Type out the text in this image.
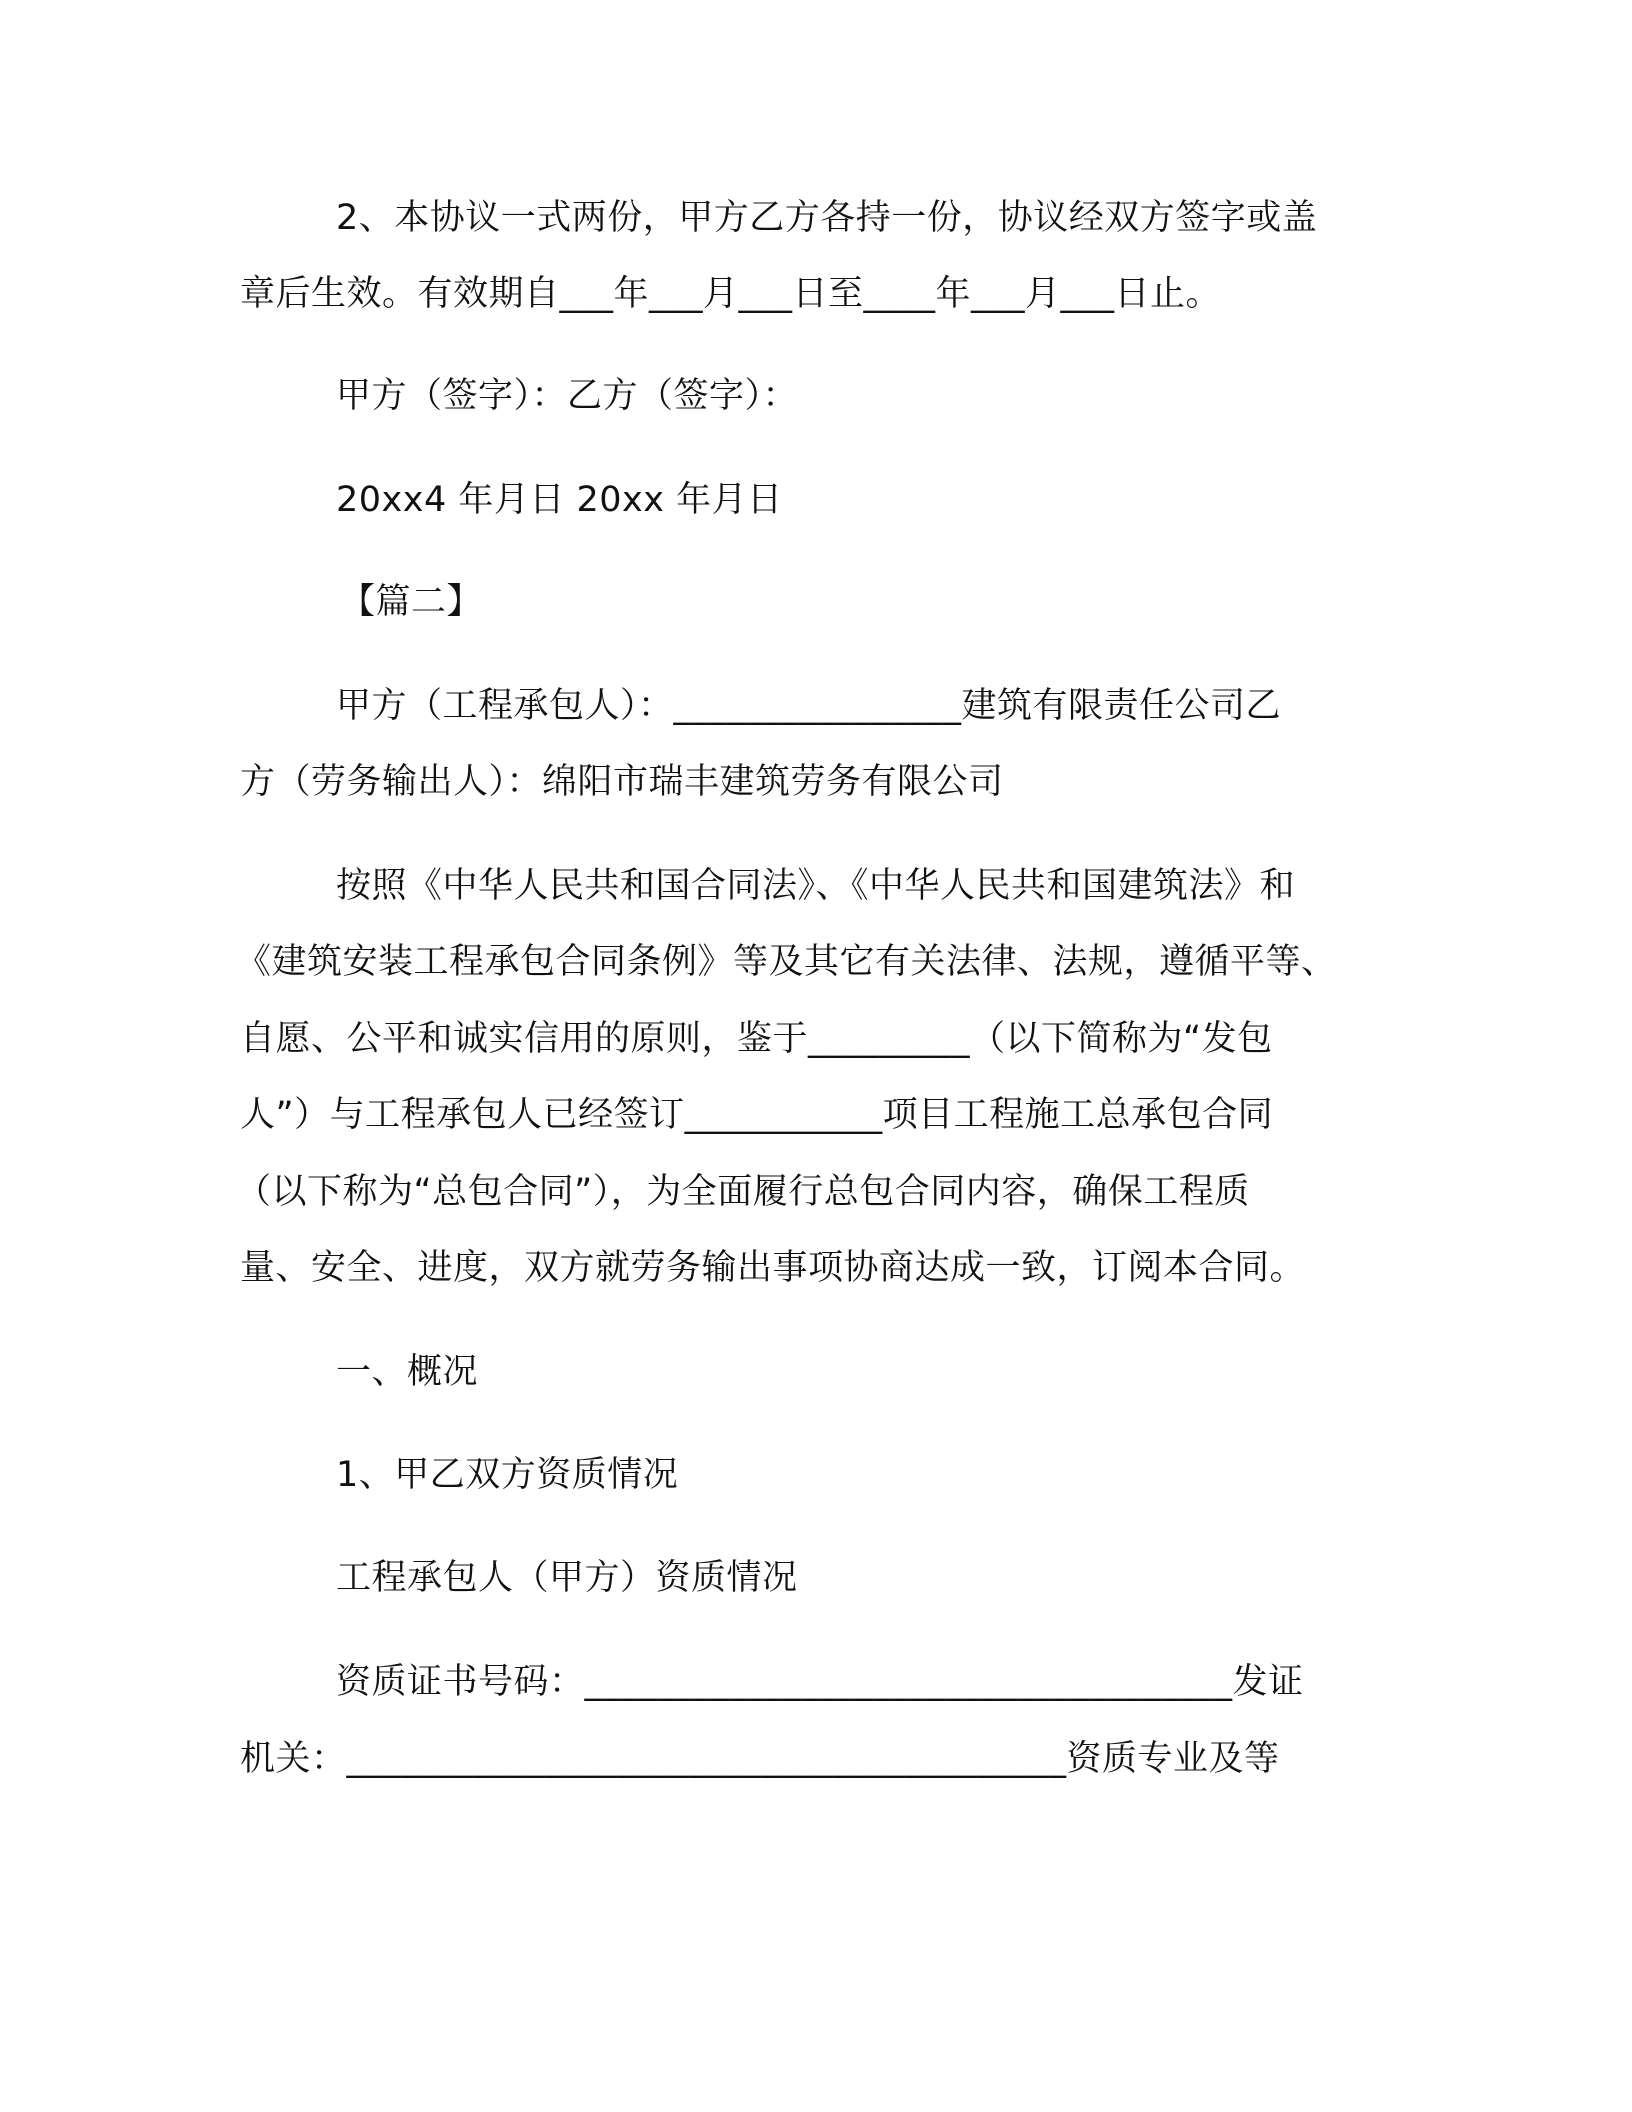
2、本协议一式两份，甲方乙方各持一份，协议经双方签字或盖
章后生效。有效期自___年___月___日至____年___月___日止。
甲方（签字）：乙方（签字）：
20xx4 年月日 20xx 年月日
【篇二】
甲方（工程承包人）：________________建筑有限责任公司乙
方（劳务输出人）：绵阳市瑞丰建筑劳务有限公司
按照《中华人民共和国合同法》、《中华人民共和国建筑法》和
《建筑安装工程承包合同条例》等及其它有关法律、法规，遵循平等、
自愿、公平和诚实信用的原则，鉴于_________（以下简称为“发包
人”）与工程承包人已经签订___________项目工程施工总承包合同
（以下称为“总包合同”），为全面履行总包合同内容，确保工程质
量、安全、进度，双方就劳务输出事项协商达成一致，订阅本合同。
一、概况
1、甲乙双方资质情况
工程承包人（甲方）资质情况
资质证书号码：____________________________________发证
机关：________________________________________资质专业及等
